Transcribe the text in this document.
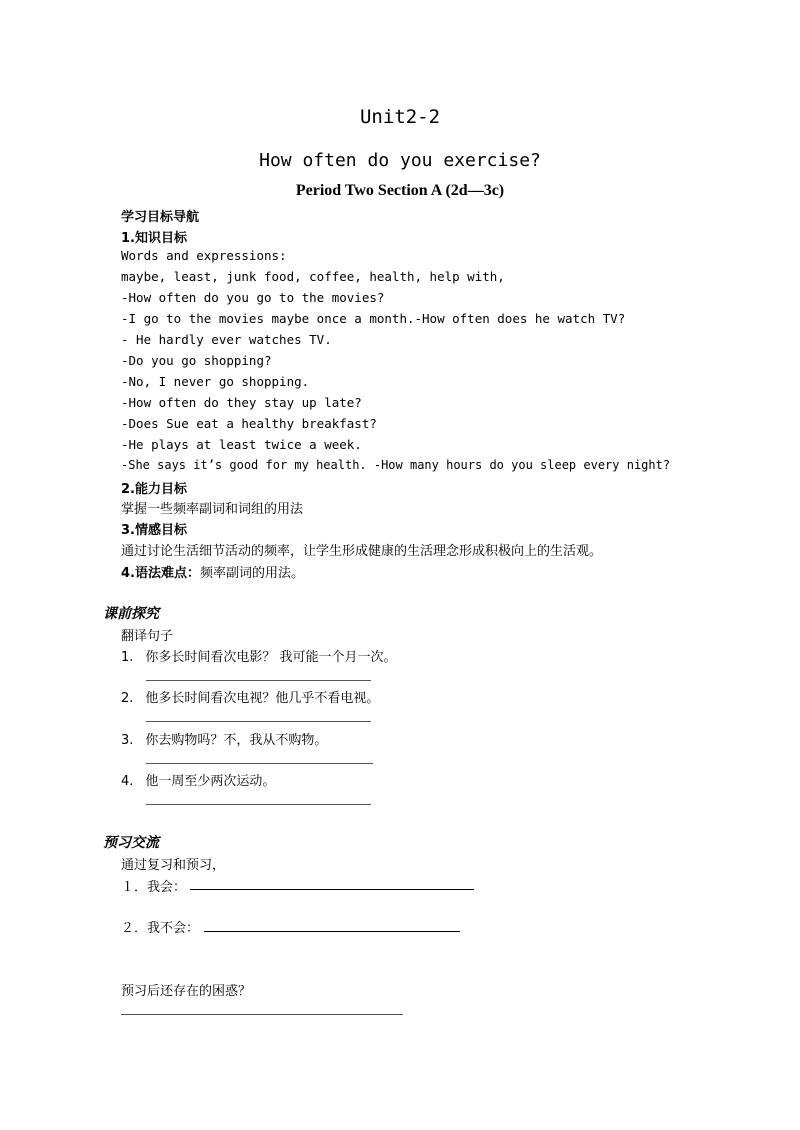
Unit2-2
How often do you exercise?
Period Two Section A (2d—3c)
学习目标导航
1.知识目标
Words and expressions:
maybe, least, junk food, coffee, health, help with,
-How often do you go to the movies?
-I go to the movies maybe once a month.-How often does he watch TV?
- He hardly ever watches TV.
-Do you go shopping?
-No, I never go shopping.
-How often do they stay up late?
-Does Sue eat a healthy breakfast?
-He plays at least twice a week.
-She says it’s good for my health. -How many hours do you sleep every night?
2.能力目标
掌握一些频率副词和词组的用法
3.情感目标
通过讨论生活细节活动的频率，让学生形成健康的生活理念形成积极向上的生活观。
4.语法难点：频率副词的用法。
课前探究
翻译句子
1. 你多长时间看次电影？ 我可能一个月一次。
2. 他多长时间看次电视？他几乎不看电视。
3. 你去购物吗？不，我从不购物。
4. 他一周至少两次运动。
预习交流
通过复习和预习，
１．我会：
２．我不会：
预习后还存在的困惑？
